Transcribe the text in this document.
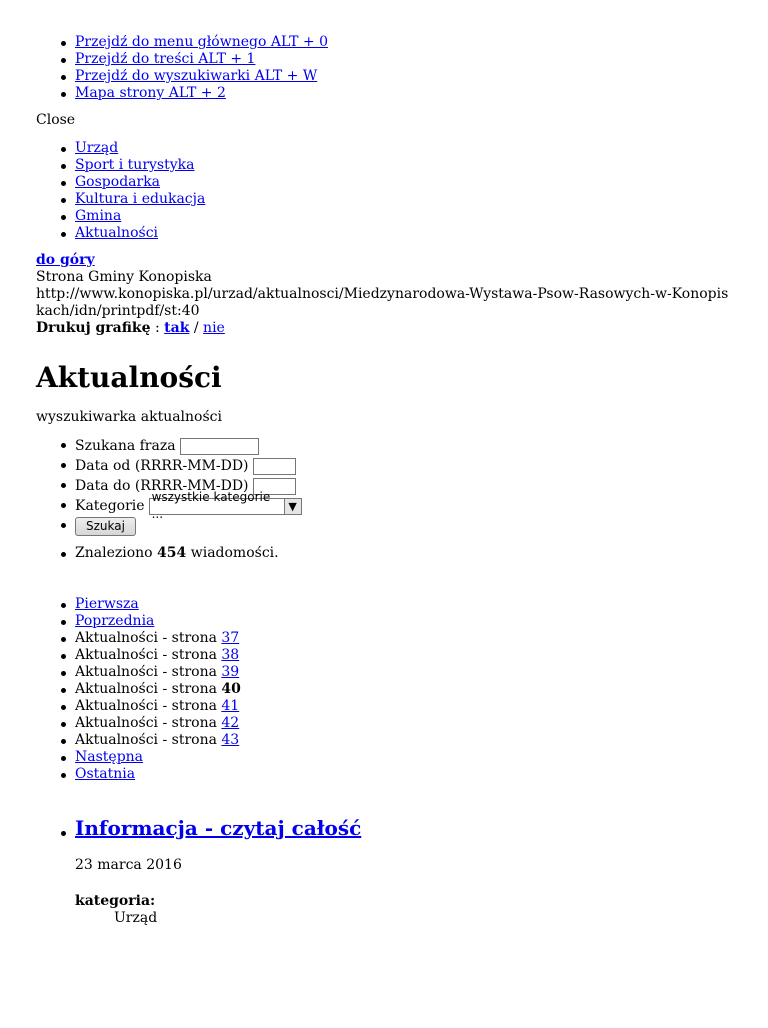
Przejdź do menu głównego ALT + 0
Przejdź do treści ALT + 1
Przejdź do wyszukiwarki ALT + W
Mapa strony ALT + 2
Close
Urząd
Sport i turystyka
Gospodarka
Kultura i edukacja
Gmina
Aktualności
do góry
Strona Gminy Konopiska
http://www.konopiska.pl/urzad/aktualnosci/Miedzynarodowa-Wystawa-Psow-Rasowych-w-Konopiskach/idn/printpdf/st:40
Drukuj grafikę : tak / nie
Aktualności
wyszukiwarka aktualności
Szukana fraza
Data od (RRRR-MM-DD)
Data do (RRRR-MM-DD)
Kategorie
wszystkie kategorie ...
▼
Szukaj
Znaleziono 454 wiadomości.
Pierwsza
Poprzednia
Aktualności - strona 37
Aktualności - strona 38
Aktualności - strona 39
Aktualności - strona 40
Aktualności - strona 41
Aktualności - strona 42
Aktualności - strona 43
Następna
Ostatnia
Informacja - czytaj całość
23 marca 2016
kategoria:
Urząd
